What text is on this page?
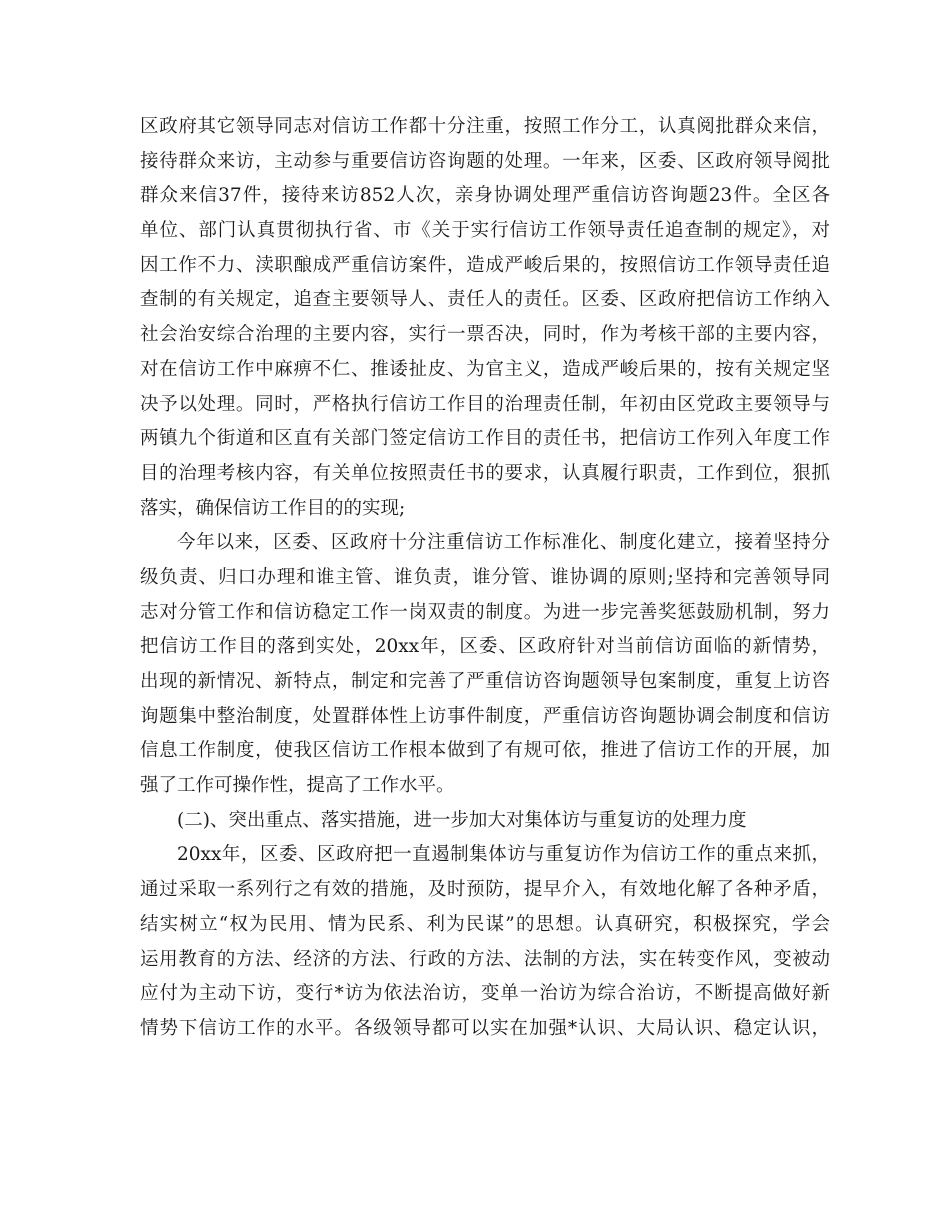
区政府其它领导同志对信访工作都十分注重，按照工作分工，认真阅批群众来信，
接待群众来访，主动参与重要信访咨询题的处理。一年来，区委、区政府领导阅批
群众来信37件，接待来访852人次，亲身协调处理严重信访咨询题23件。全区各
单位、部门认真贯彻执行省、市《关于实行信访工作领导责任追查制的规定》，对
因工作不力、渎职酿成严重信访案件，造成严峻后果的，按照信访工作领导责任追
查制的有关规定，追查主要领导人、责任人的责任。区委、区政府把信访工作纳入
社会治安综合治理的主要内容，实行一票否决，同时，作为考核干部的主要内容，
对在信访工作中麻痹不仁、推诿扯皮、为官主义，造成严峻后果的，按有关规定坚
决予以处理。同时，严格执行信访工作目的治理责任制，年初由区党政主要领导与
两镇九个街道和区直有关部门签定信访工作目的责任书，把信访工作列入年度工作
目的治理考核内容，有关单位按照责任书的要求，认真履行职责，工作到位，狠抓
落实，确保信访工作目的的实现;
今年以来，区委、区政府十分注重信访工作标准化、制度化建立，接着坚持分
级负责、归口办理和谁主管、谁负责，谁分管、谁协调的原则;坚持和完善领导同
志对分管工作和信访稳定工作一岗双责的制度。为进一步完善奖惩鼓励机制，努力
把信访工作目的落到实处，20xx年，区委、区政府针对当前信访面临的新情势，
出现的新情况、新特点，制定和完善了严重信访咨询题领导包案制度，重复上访咨
询题集中整治制度，处置群体性上访事件制度，严重信访咨询题协调会制度和信访
信息工作制度，使我区信访工作根本做到了有规可依，推进了信访工作的开展，加
强了工作可操作性，提高了工作水平。
(二)、突出重点、落实措施，进一步加大对集体访与重复访的处理力度
20xx年，区委、区政府把一直遏制集体访与重复访作为信访工作的重点来抓，
通过采取一系列行之有效的措施，及时预防，提早介入，有效地化解了各种矛盾，
结实树立“权为民用、情为民系、利为民谋”的思想。认真研究，积极探究，学会
运用教育的方法、经济的方法、行政的方法、法制的方法，实在转变作风，变被动
应付为主动下访，变行*访为依法治访，变单一治访为综合治访，不断提高做好新
情势下信访工作的水平。各级领导都可以实在加强*认识、大局认识、稳定认识，
